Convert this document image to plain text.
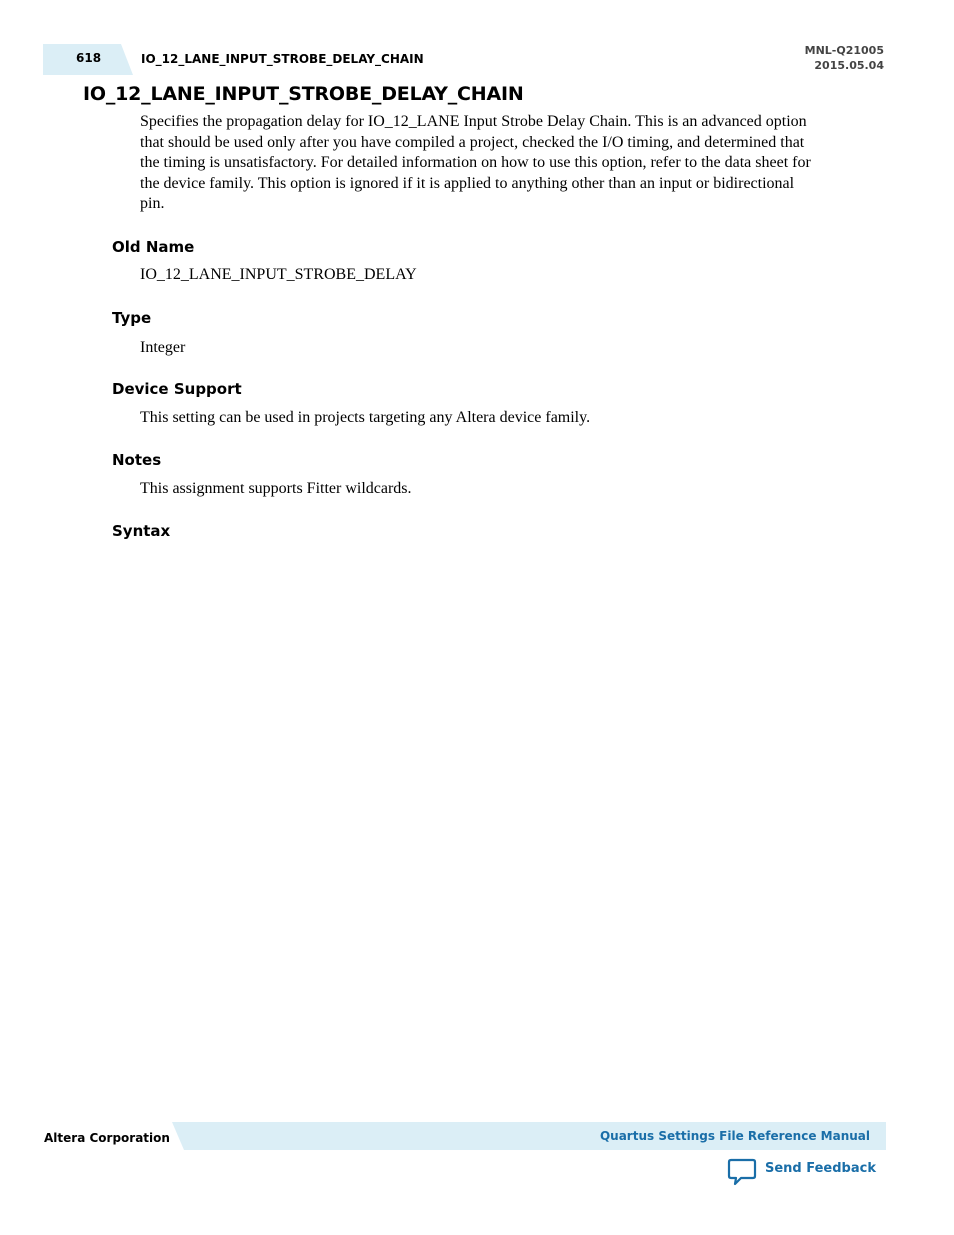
618	IO_12_LANE_INPUT_STROBE_DELAY_CHAIN
MNL-Q21005
2015.05.04
IO_12_LANE_INPUT_STROBE_DELAY_CHAIN
Specifies the propagation delay for IO_12_LANE Input Strobe Delay Chain. This is an advanced option
that should be used only after you have compiled a project, checked the I/O timing, and determined that
the timing is unsatisfactory. For detailed information on how to use this option, refer to the data sheet for
the device family. This option is ignored if it is applied to anything other than an input or bidirectional
pin.
Old Name
IO_12_LANE_INPUT_STROBE_DELAY
Type
Integer
Device Support
This setting can be used in projects targeting any Altera device family.
Notes
This assignment supports Fitter wildcards.
Syntax
Altera Corporation	Quartus Settings File Reference Manual
Send Feedback
